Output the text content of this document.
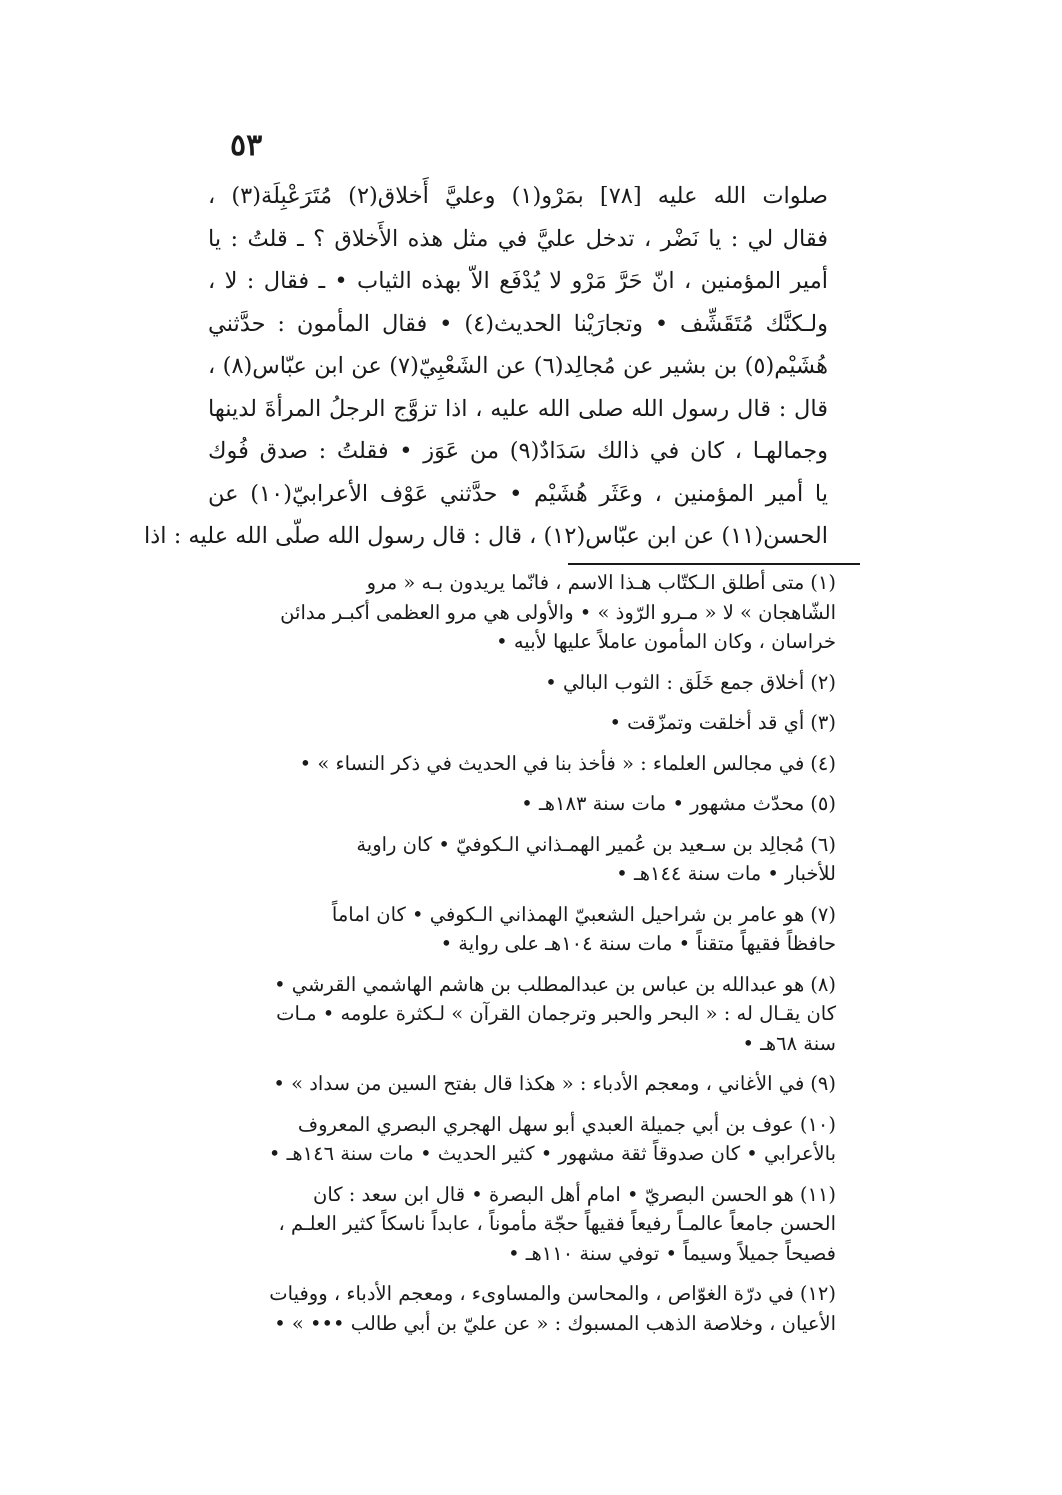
٥٣
صلوات الله عليه [٧٨] بمَرْو(١) وعليَّ أَخلاق(٢) مُتَرَعْبِلَة(٣) ،
فقال لي : يا نَضْر ، تدخل عليَّ في مثل هذه الأَخلاق ؟ ـ قلتُ : يا
أمير المؤمنين ، انّ حَرَّ مَرْو لا يُدْفَع الاّ بهذه الثياب • ـ فقال : لا ،
ولـكنَّك مُتَقَشِّف • وتجارَيْنا الحديث(٤) • فقال المأمون : حدَّثني
هُشَيْم(٥) بن بشير عن مُجالِد(٦) عن الشَعْبِيّ(٧) عن ابن عبّاس(٨) ،
قال : قال رسول الله صلى الله عليه ، اذا تزوَّج الرجلُ المرأةَ لدينها
وجمالهـا ، كان في ذالك سَدَادٌ(٩) من عَوَز • فقلتُ : صدق فُوك
يا أمير المؤمنين ، وعَثَر هُشَيْم • حدَّثني عَوْف الأعرابيّ(١٠) عن
الحسن(١١) عن ابن عبّاس(١٢) ، قال : قال رسول الله صلّى الله عليه : اذا
(١)متى أطلق الـكتّاب هـذا الاسم ، فانّما يريدون بـه « مرو
الشّاهجان » لا « مـرو الرّوذ » • والأولى هي مرو العظمى أكبـر مدائن
خراسان ، وكان المأمون عاملاً عليها لأبيه •
(٢)أخلاق جمع خَلَق : الثوب البالي •
(٣)أي قد أخلقت وتمزّقت •
(٤)في مجالس العلماء : « فأخذ بنا في الحديث في ذكر النساء » •
(٥)محدّث مشهور • مات سنة ١٨٣هـ •
(٦)مُجالِد بن سـعيد بن عُمير الهمـذاني الـكوفيّ • كان راوية
للأخبار • مات سنة ١٤٤هـ •
(٧)هو عامر بن شراحيل الشعبيّ الهمذاني الـكوفي • كان اماماً
حافظاً فقيهاً متقناً • مات سنة ١٠٤هـ على رواية •
(٨)هو عبدالله بن عباس بن عبدالمطلب بن هاشم الهاشمي القرشي •
كان يقـال له : « البحر والحبر وترجمان القرآن » لـكثرة علومه • مـات
سنة ٦٨هـ •
(٩)في الأغاني ، ومعجم الأدباء : « هكذا قال بفتح السين من سداد » •
(١٠)عوف بن أبي جميلة العبدي أبو سهل الهجري البصري المعروف
بالأعرابي • كان صدوقاً ثقة مشهور • كثير الحديث • مات سنة ١٤٦هـ •
(١١)هو الحسن البصريّ • امام أهل البصرة • قال ابن سعد : كان
الحسن جامعاً عالمـاً رفيعاً فقيهاً حجّة مأموناً ، عابداً ناسكاً كثير العلـم ،
فصيحاً جميلاً وسيماً • توفي سنة ١١٠هـ •
(١٢)في درّة الغوّاص ، والمحاسن والمساوىء ، ومعجم الأدباء ، ووفيات
الأعيان ، وخلاصة الذهب المسبوك : « عن عليّ بن أبي طالب ••• » •
